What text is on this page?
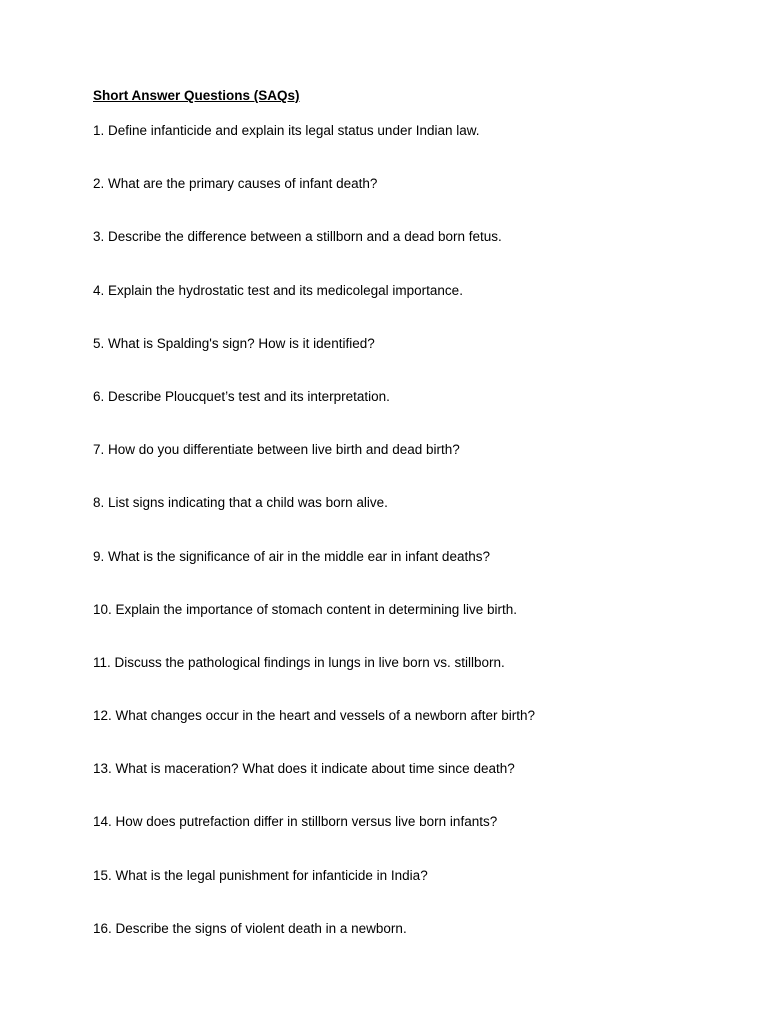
Short Answer Questions (SAQs)
1. Define infanticide and explain its legal status under Indian law.
2. What are the primary causes of infant death?
3. Describe the difference between a stillborn and a dead born fetus.
4. Explain the hydrostatic test and its medicolegal importance.
5. What is Spalding's sign? How is it identified?
6. Describe Ploucquet’s test and its interpretation.
7. How do you differentiate between live birth and dead birth?
8. List signs indicating that a child was born alive.
9. What is the significance of air in the middle ear in infant deaths?
10. Explain the importance of stomach content in determining live birth.
11. Discuss the pathological findings in lungs in live born vs. stillborn.
12. What changes occur in the heart and vessels of a newborn after birth?
13. What is maceration? What does it indicate about time since death?
14. How does putrefaction differ in stillborn versus live born infants?
15. What is the legal punishment for infanticide in India?
16. Describe the signs of violent death in a newborn.
